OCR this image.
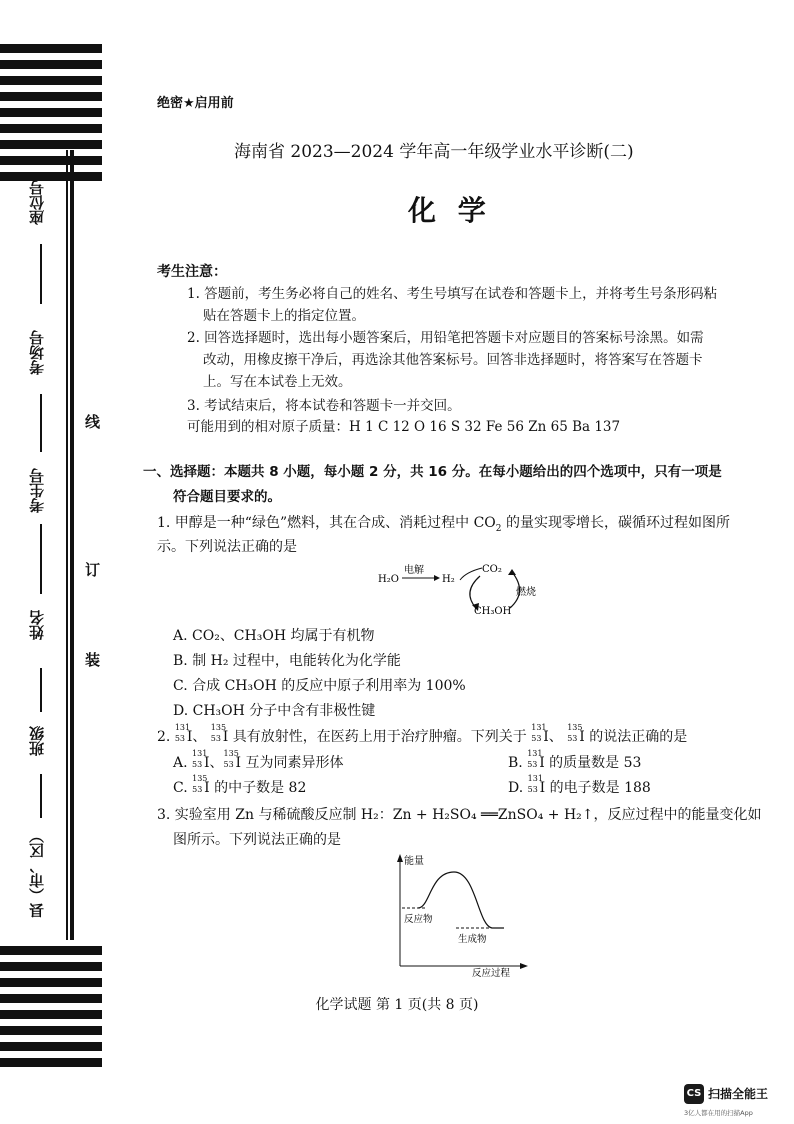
座位号
考场号
考生号
姓名
班级
县（市、区）
线
订
装
绝密★启用前
海南省 2023—2024 学年高一年级学业水平诊断(二)
化 学
考生注意：
1. 答题前，考生务必将自己的姓名、考生号填写在试卷和答题卡上，并将考生号条形码粘
贴在答题卡上的指定位置。
2. 回答选择题时，选出每小题答案后，用铅笔把答题卡对应题目的答案标号涂黑。如需
改动，用橡皮擦干净后，再选涂其他答案标号。回答非选择题时，将答案写在答题卡
上。写在本试卷上无效。
3. 考试结束后，将本试卷和答题卡一并交回。
可能用到的相对原子质量：H 1 C 12 O 16 S 32 Fe 56 Zn 65 Ba 137
一、选择题：本题共 8 小题，每小题 2 分，共 16 分。在每小题给出的四个选项中，只有一项是
符合题目要求的。
1. 甲醇是一种“绿色”燃料，其在合成、消耗过程中 $CO_2$ 的量实现零增长，碳循环过程如图所
示。下列说法正确的是
H₂O
电解
H₂
CO₂
CH₃OH
燃烧
A. CO₂、CH₃OH 均属于有机物
B. 制 H₂ 过程中，电能转化为化学能
C. 合成 CH₃OH 的反应中原子利用率为 100%
D. CH₃OH 分子中含有非极性键
2.
131
53 I、
135
53 I 具有放射性，在医药上用于治疗肿瘤。下列关于
131
53 I、
135
53 I 的说法正确的是
A.
131
53 I、
135
53 I 互为同素异形体	B.
131
53 I 的质量数是 53
C.
135
53 I 的中子数是 82	D.
131
53 I 的电子数是 188
3. 实验室用 Zn 与稀硫酸反应制 H₂：Zn + H₂SO₄ ══ZnSO₄ + H₂↑，反应过程中的能量变化如
图所示。下列说法正确的是
能量
反应物
生成物
反应过程
化学试题 第 1 页(共 8 页)
CS 扫描全能王
3亿人都在用的扫描App
